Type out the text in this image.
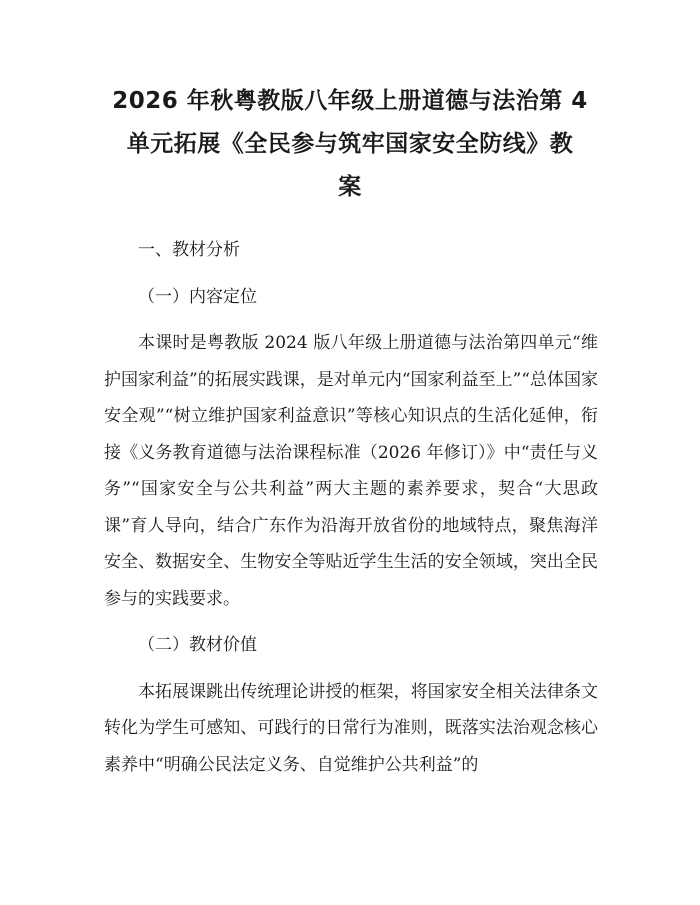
2026 年秋粤教版八年级上册道德与法治第 4
单元拓展《全民参与筑牢国家安全防线》教
案
一、教材分析
（一）内容定位

本课时是粤教版 2024 版八年级上册道德与法治第四单元“维护国家利益”的拓展实践课，是对单元内“国家利益至上”“总体国家安全观”“树立维护国家利益意识”等核心知识点的生活化延伸，衔接《义务教育道德与法治课程标准（2026 年修订）》中“责任与义务”“国家安全与公共利益”两大主题的素养要求，契合“大思政课”育人导向，结合广东作为沿海开放省份的地域特点，聚焦海洋安全、数据安全、生物安全等贴近学生生活的安全领域，突出全民参与的实践要求。

（二）教材价值

本拓展课跳出传统理论讲授的框架，将国家安全相关法律条文转化为学生可感知、可践行的日常行为准则，既落实法治观念核心素养中“明确公民法定义务、自觉维护公共利益”的
